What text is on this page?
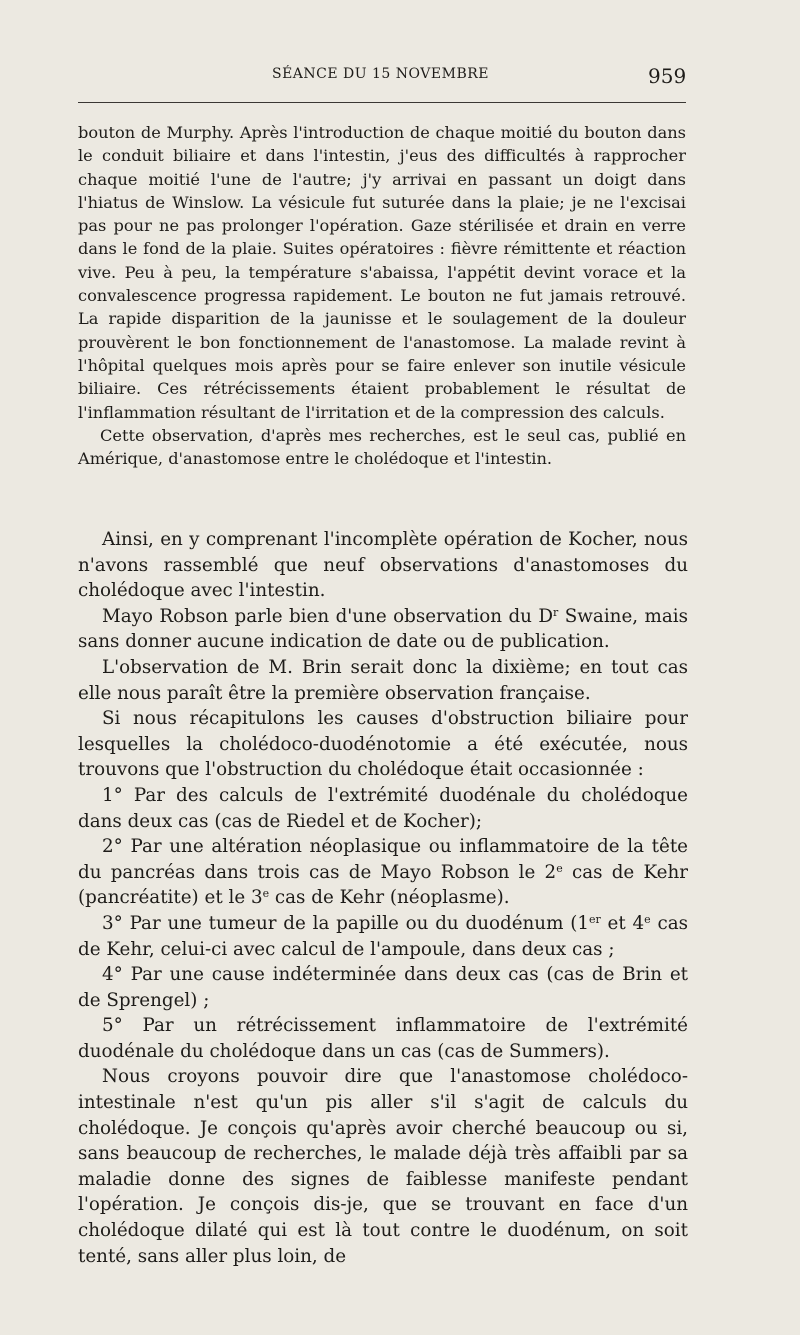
SÉANCE DU 15 NOVEMBRE	959

bouton de Murphy. Après l'introduction de chaque moitié du bouton dans le conduit biliaire et dans l'intestin, j'eus des difficultés à rapprocher chaque moitié l'une de l'autre; j'y arrivai en passant un doigt dans l'hiatus de Winslow. La vésicule fut suturée dans la plaie; je ne l'excisai pas pour ne pas prolonger l'opération. Gaze stérilisée et drain en verre dans le fond de la plaie. Suites opératoires : fièvre rémittente et réaction vive. Peu à peu, la température s'abaissa, l'appétit devint vorace et la convalescence progressa rapidement. Le bouton ne fut jamais retrouvé. La rapide disparition de la jaunisse et le soulagement de la douleur prouvèrent le bon fonctionnement de l'anastomose. La malade revint à l'hôpital quelques mois après pour se faire enlever son inutile vésicule biliaire. Ces rétrécissements étaient probablement le résultat de l'inflammation résultant de l'irritation et de la compression des calculs.

Cette observation, d'après mes recherches, est le seul cas, publié en Amérique, d'anastomose entre le cholédoque et l'intestin.

Ainsi, en y comprenant l'incomplète opération de Kocher, nous n'avons rassemblé que neuf observations d'anastomoses du cholédoque avec l'intestin.

Mayo Robson parle bien d'une observation du $D^r$ Swaine, mais sans donner aucune indication de date ou de publication.

L'observation de M. Brin serait donc la dixième; en tout cas elle nous paraît être la première observation française.

Si nous récapitulons les causes d'obstruction biliaire pour lesquelles la cholédoco-duodénotomie a été exécutée, nous trouvons que l'obstruction du cholédoque était occasionnée :

1° Par des calculs de l'extrémité duodénale du cholédoque dans deux cas (cas de Riedel et de Kocher);

2° Par une altération néoplasique ou inflammatoire de la tête du pancréas dans trois cas de Mayo Robson le 2e cas de Kehr (pancréatite) et le 3e cas de Kehr (néoplasme).

3° Par une tumeur de la papille ou du duodénum (1er et 4e cas de Kehr, celui-ci avec calcul de l'ampoule, dans deux cas ;

4° Par une cause indéterminée dans deux cas (cas de Brin et de Sprengel) ;

5° Par un rétrécissement inflammatoire de l'extrémité duodénale du cholédoque dans un cas (cas de Summers).

Nous croyons pouvoir dire que l'anastomose cholédoco-intestinale n'est qu'un pis aller s'il s'agit de calculs du cholédoque. Je conçois qu'après avoir cherché beaucoup ou si, sans beaucoup de recherches, le malade déjà très affaibli par sa maladie donne des signes de faiblesse manifeste pendant l'opération. Je conçois dis-je, que se trouvant en face d'un cholédoque dilaté qui est là tout contre le duodénum, on soit tenté, sans aller plus loin, de
